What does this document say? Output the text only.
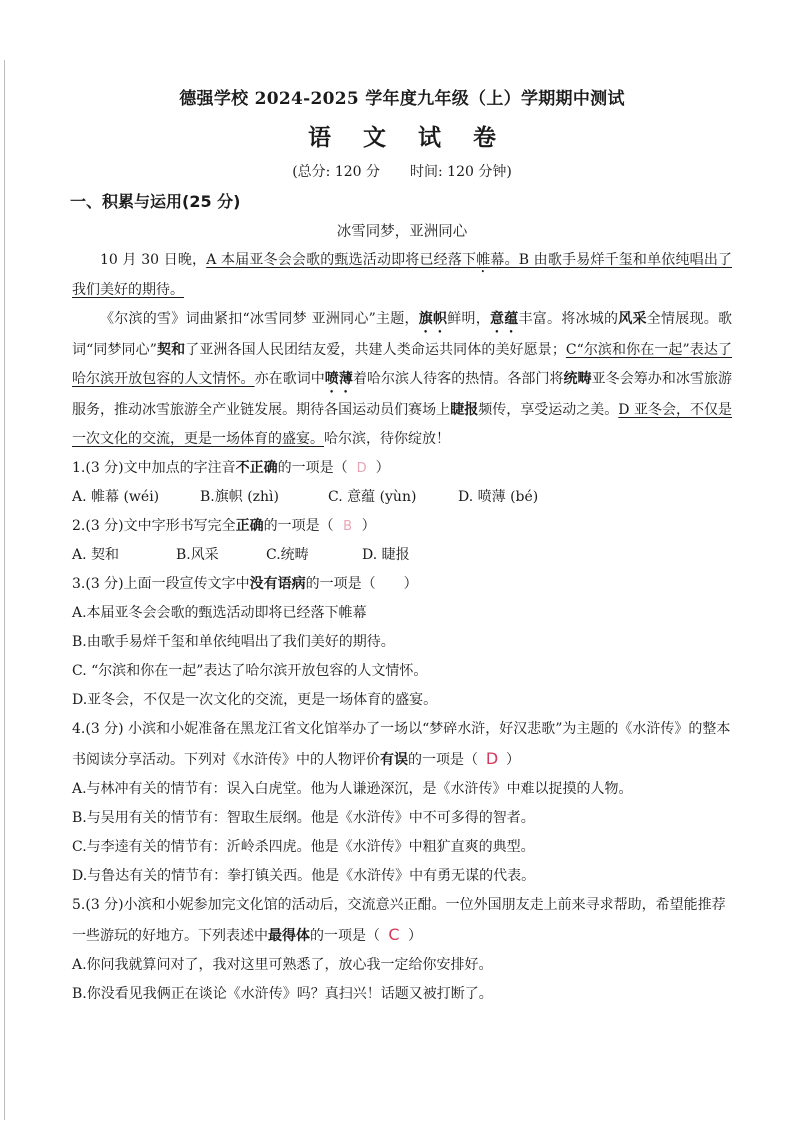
德强学校 2024-2025 学年度九年级（上）学期期中测试
语 文 试 卷
(总分: 120 分 时间: 120 分钟)
一、积累与运用(25 分)
冰雪同梦，亚洲同心

10 月 30 日晚，A 本届亚冬会会歌的甄选活动即将已经落下帷幕。B 由歌手易烊千玺和单依纯唱出了我们美好的期待。

《尔滨的雪》词曲紧扣“冰雪同梦 亚洲同心”主题，旗帜鲜明，意蕴丰富。将冰城的风采全情展现。歌词“同梦同心”契和了亚洲各国人民团结友爱，共建人类命运共同体的美好愿景；C“尔滨和你在一起”表达了哈尔滨开放包容的人文情怀。亦在歌词中喷薄着哈尔滨人待客的热情。各部门将统畴亚冬会筹办和冰雪旅游服务，推动冰雪旅游全产业链发展。期待各国运动员们赛场上睫报频传，享受运动之美。D 亚冬会，不仅是一次文化的交流，更是一场体育的盛宴。哈尔滨，待你绽放！

1.(3 分)文中加点的字注音不正确的一项是（ D ）

A. 帷幕 (wéi)	B.旗帜 (zhì)	C. 意蕴 (yùn)	D. 喷薄 (bé)

2.(3 分)文中字形书写完全正确的一项是（ B ）

A. 契和	B.风采	C.统畴	D. 睫报

3.(3 分)上面一段宣传文字中没有语病的一项是（ ）

A.本届亚冬会会歌的甄选活动即将已经落下帷幕

B.由歌手易烊千玺和单依纯唱出了我们美好的期待。

C. “尔滨和你在一起”表达了哈尔滨开放包容的人文情怀。

D.亚冬会，不仅是一次文化的交流，更是一场体育的盛宴。

4.(3 分) 小滨和小妮准备在黑龙江省文化馆举办了一场以“梦碎水浒，好汉悲歌”为主题的《水浒传》的整本书阅读分享活动。下列对《水浒传》中的人物评价有误的一项是（ D ）

A.与林冲有关的情节有：误入白虎堂。他为人谦逊深沉，是《水浒传》中难以捉摸的人物。

B.与吴用有关的情节有：智取生辰纲。他是《水浒传》中不可多得的智者。

C.与李逵有关的情节有：沂岭杀四虎。他是《水浒传》中粗犷直爽的典型。

D.与鲁达有关的情节有：拳打镇关西。他是《水浒传》中有勇无谋的代表。

5.(3 分)小滨和小妮参加完文化馆的活动后，交流意兴正酣。一位外国朋友走上前来寻求帮助，希望能推荐一些游玩的好地方。下列表述中最得体的一项是（ C ）

A.你问我就算问对了，我对这里可熟悉了，放心我一定给你安排好。

B.你没看见我俩正在谈论《水浒传》吗？真扫兴！话题又被打断了。
